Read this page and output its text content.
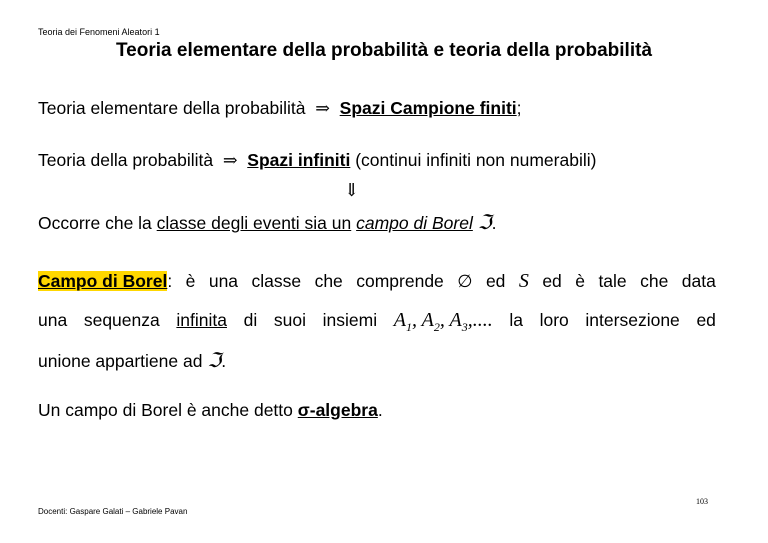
Teoria dei Fenomeni Aleatori 1
Teoria elementare della probabilità e teoria della probabilità
Teoria elementare della probabilità ⇒ Spazi Campione finiti;
Teoria della probabilità ⇒ Spazi infiniti (continui infiniti non numerabili)
⇓
Occorre che la classe degli eventi sia un campo di Borel ℑ.
Campo di Borel: è una classe che comprende ∅ ed S ed è tale che data
una sequenza infinita di suoi insiemi $A_1$, $A_2$, $A_3$,.... la loro intersezione ed
unione appartiene ad ℑ.
Un campo di Borel è anche detto σ-algebra.
103
Docenti: Gaspare Galati – Gabriele Pavan
